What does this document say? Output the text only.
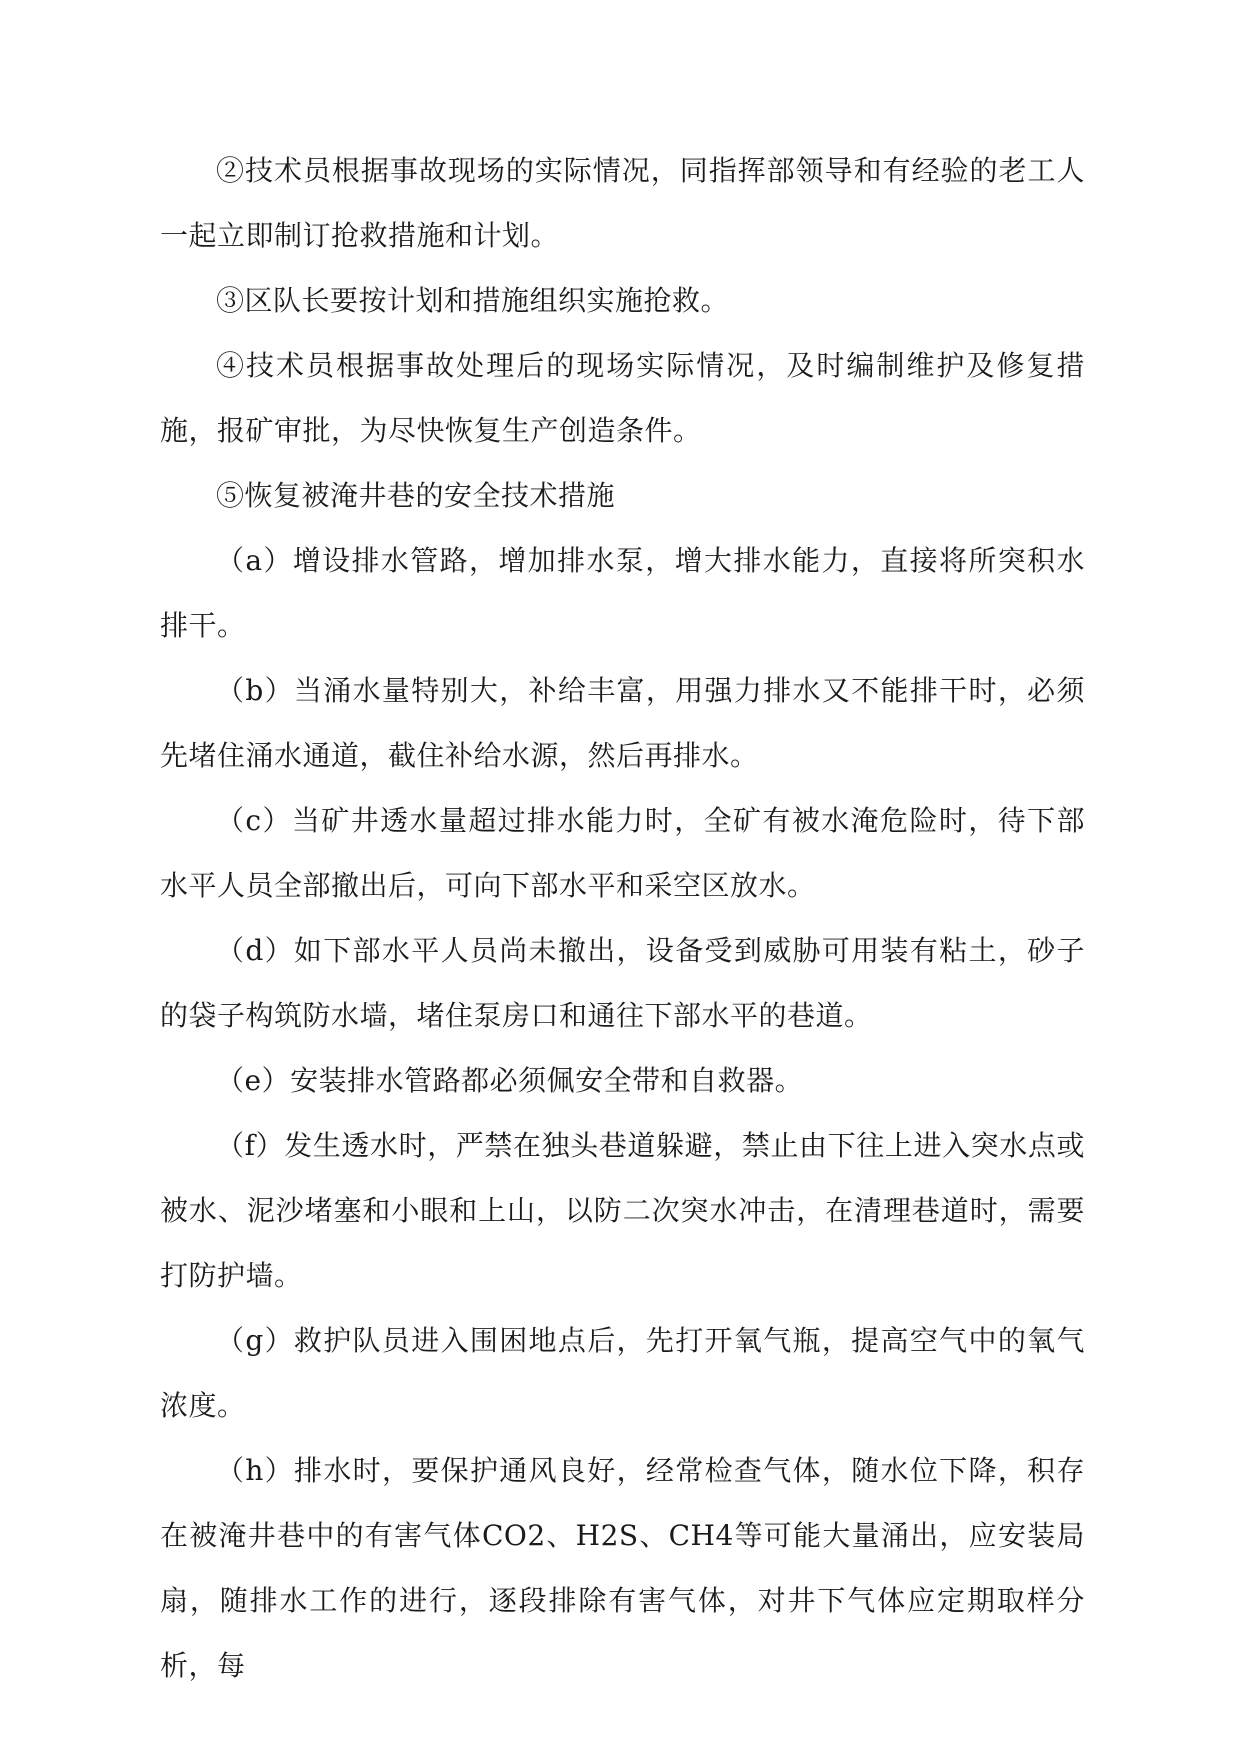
②技术员根据事故现场的实际情况，同指挥部领导和有经验的老工人一起立即制订抢救措施和计划。

③区队长要按计划和措施组织实施抢救。

④技术员根据事故处理后的现场实际情况，及时编制维护及修复措施，报矿审批，为尽快恢复生产创造条件。

⑤恢复被淹井巷的安全技术措施

（a）增设排水管路，增加排水泵，增大排水能力，直接将所突积水排干。

（b）当涌水量特别大，补给丰富，用强力排水又不能排干时，必须先堵住涌水通道，截住补给水源，然后再排水。

（c）当矿井透水量超过排水能力时，全矿有被水淹危险时，待下部水平人员全部撤出后，可向下部水平和采空区放水。

（d）如下部水平人员尚未撤出，设备受到威胁可用装有粘土，砂子的袋子构筑防水墙，堵住泵房口和通往下部水平的巷道。

（e）安装排水管路都必须佩安全带和自救器。

（f）发生透水时，严禁在独头巷道躲避，禁止由下往上进入突水点或被水、泥沙堵塞和小眼和上山，以防二次突水冲击，在清理巷道时，需要打防护墙。

（g）救护队员进入围困地点后，先打开氧气瓶，提高空气中的氧气浓度。

（h）排水时，要保护通风良好，经常检查气体，随水位下降，积存在被淹井巷中的有害气体CO2、H2S、CH4等可能大量涌出，应安装局扇，随排水工作的进行，逐段排除有害气体，对井下气体应定期取样分析，每
